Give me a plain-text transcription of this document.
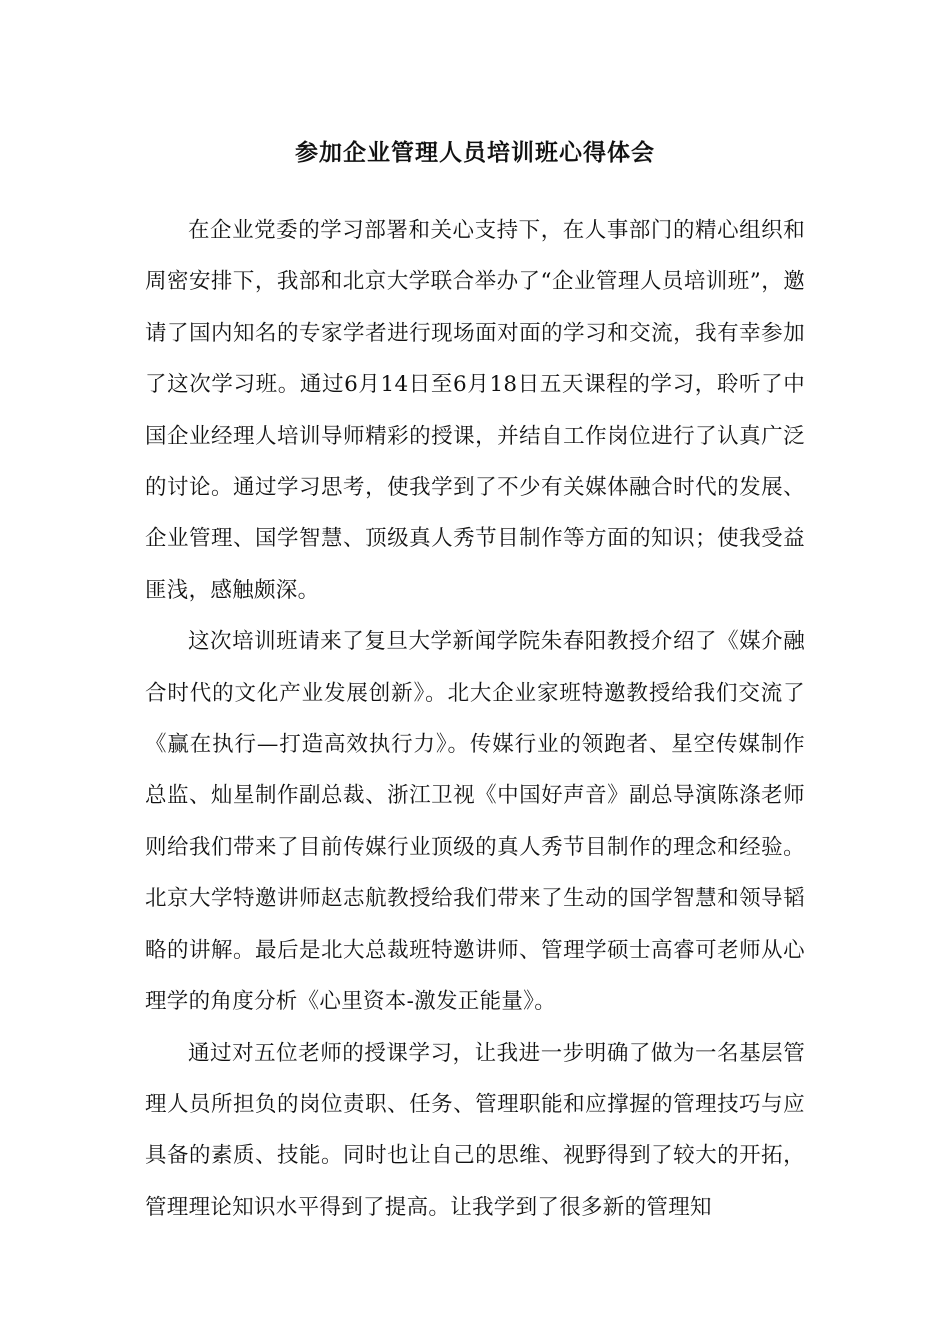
参加企业管理人员培训班心得体会

在企业党委的学习部署和关心支持下，在人事部门的精心组织和周密安排下，我部和北京大学联合举办了“企业管理人员培训班”，邀请了国内知名的专家学者进行现场面对面的学习和交流，我有幸参加了这次学习班。通过6月14日至6月18日五天课程的学习，聆听了中国企业经理人培训导师精彩的授课，并结自工作岗位进行了认真广泛的讨论。通过学习思考，使我学到了不少有关媒体融合时代的发展、企业管理、国学智慧、顶级真人秀节目制作等方面的知识；使我受益匪浅，感触颇深。

这次培训班请来了复旦大学新闻学院朱春阳教授介绍了《媒介融合时代的文化产业发展创新》。北大企业家班特邀教授给我们交流了《赢在执行—打造高效执行力》。传媒行业的领跑者、星空传媒制作总监、灿星制作副总裁、浙江卫视《中国好声音》副总导演陈涤老师则给我们带来了目前传媒行业顶级的真人秀节目制作的理念和经验。北京大学特邀讲师赵志航教授给我们带来了生动的国学智慧和领导韬略的讲解。最后是北大总裁班特邀讲师、管理学硕士高睿可老师从心理学的角度分析《心里资本-激发正能量》。

通过对五位老师的授课学习，让我进一步明确了做为一名基层管理人员所担负的岗位责职、任务、管理职能和应撑握的管理技巧与应具备的素质、技能。同时也让自己的思维、视野得到了较大的开拓，管理理论知识水平得到了提高。让我学到了很多新的管理知
